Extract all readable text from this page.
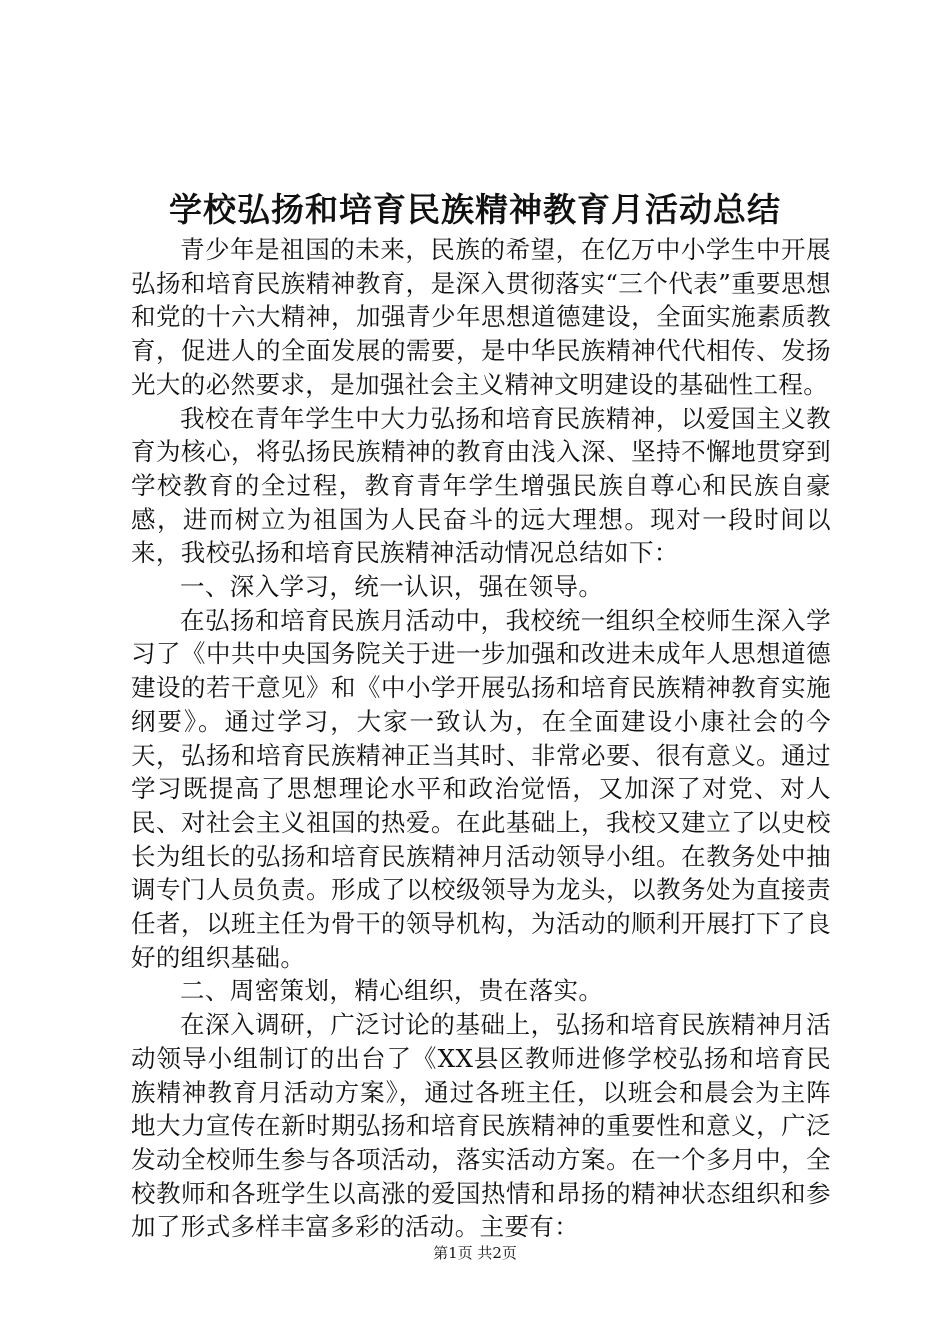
学校弘扬和培育民族精神教育月活动总结

青少年是祖国的未来，民族的希望，在亿万中小学生中开展弘扬和培育民族精神教育，是深入贯彻落实“三个代表”重要思想和党的十六大精神，加强青少年思想道德建设，全面实施素质教育，促进人的全面发展的需要，是中华民族精神代代相传、发扬光大的必然要求，是加强社会主义精神文明建设的基础性工程。

我校在青年学生中大力弘扬和培育民族精神，以爱国主义教育为核心，将弘扬民族精神的教育由浅入深、坚持不懈地贯穿到学校教育的全过程，教育青年学生增强民族自尊心和民族自豪感，进而树立为祖国为人民奋斗的远大理想。现对一段时间以来，我校弘扬和培育民族精神活动情况总结如下：

一、深入学习，统一认识，强在领导。

在弘扬和培育民族月活动中，我校统一组织全校师生深入学习了《中共中央国务院关于进一步加强和改进未成年人思想道德建设的若干意见》和《中小学开展弘扬和培育民族精神教育实施纲要》。通过学习，大家一致认为，在全面建设小康社会的今天，弘扬和培育民族精神正当其时、非常必要、很有意义。通过学习既提高了思想理论水平和政治觉悟，又加深了对党、对人民、对社会主义祖国的热爱。在此基础上，我校又建立了以史校长为组长的弘扬和培育民族精神月活动领导小组。在教务处中抽调专门人员负责。形成了以校级领导为龙头，以教务处为直接责任者，以班主任为骨干的领导机构，为活动的顺利开展打下了良好的组织基础。

二、周密策划，精心组织，贵在落实。

在深入调研，广泛讨论的基础上，弘扬和培育民族精神月活动领导小组制订的出台了《XX县区教师进修学校弘扬和培育民族精神教育月活动方案》，通过各班主任，以班会和晨会为主阵地大力宣传在新时期弘扬和培育民族精神的重要性和意义，广泛发动全校师生参与各项活动，落实活动方案。在一个多月中，全校教师和各班学生以高涨的爱国热情和昂扬的精神状态组织和参加了形式多样丰富多彩的活动。主要有：

第1页 共2页
